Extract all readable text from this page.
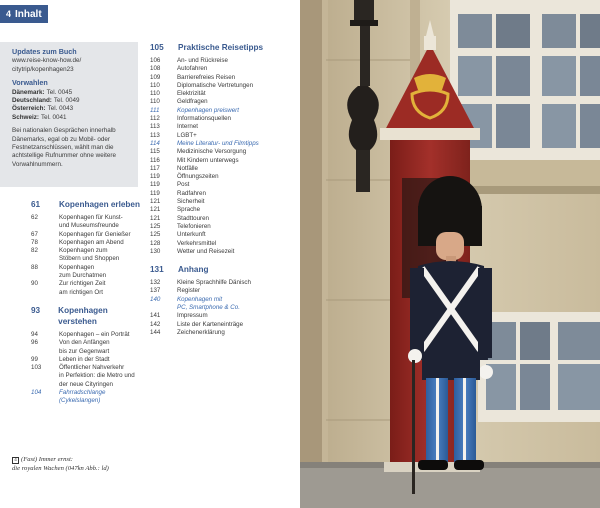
4 Inhalt
Updates zum Buch
www.reise-know-how.de/
citytrip/kopenhagen23
Vorwahlen
Dänemark: Tel. 0045
Deutschland: Tel. 0049
Österreich: Tel. 0043
Schweiz: Tel. 0041
Bei nationalen Gesprächen innerhalb Dänemarks, egal ob zu Mobil- oder Festnetzanschlüssen, wählt man die achtstellige Rufnummer ohne weitere Vorwahlnummern.
61	Kopenhagen erleben
62	Kopenhagen für Kunst-
und Museumsfreunde
67	Kopenhagen für Genießer
78	Kopenhagen am Abend
82	Kopenhagen zum
Stöbern und Shoppen
88	Kopenhagen
zum Durchatmen
90	Zur richtigen Zeit
am richtigen Ort
93	Kopenhagen verstehen
94	Kopenhagen – ein Porträt
96	Von den Anfängen
bis zur Gegenwart
99	Leben in der Stadt
103	Öffentlicher Nahverkehr
in Perfektion: die Metro und
der neue Cityringen
104	Fahrradschlange
(Cykelslangen)
4 (Fast) Immer ernst:
die royalen Wachen (047kn Abb.: ld)
105	Praktische Reisetipps
106	An- und Rückreise
108	Autofahren
109	Barrierefreies Reisen
110	Diplomatische Vertretungen
110	Elektrizität
110	Geldfragen
111	Kopenhagen preiswert
112	Informationsquellen
113	Internet
113	LGBT+
114	Meine Literatur- und Filmtipps
115	Medizinische Versorgung
116	Mit Kindern unterwegs
117	Notfälle
119	Öffnungszeiten
119	Post
119	Radfahren
121	Sicherheit
121	Sprache
121	Stadttouren
125	Telefonieren
125	Unterkunft
128	Verkehrsmittel
130	Wetter und Reisezeit
131	Anhang
132	Kleine Sprachhilfe Dänisch
137	Register
140	Kopenhagen mit
PC, Smartphone & Co.
141	Impressum
142	Liste der Karteneinträge
144	Zeichenerklärung
